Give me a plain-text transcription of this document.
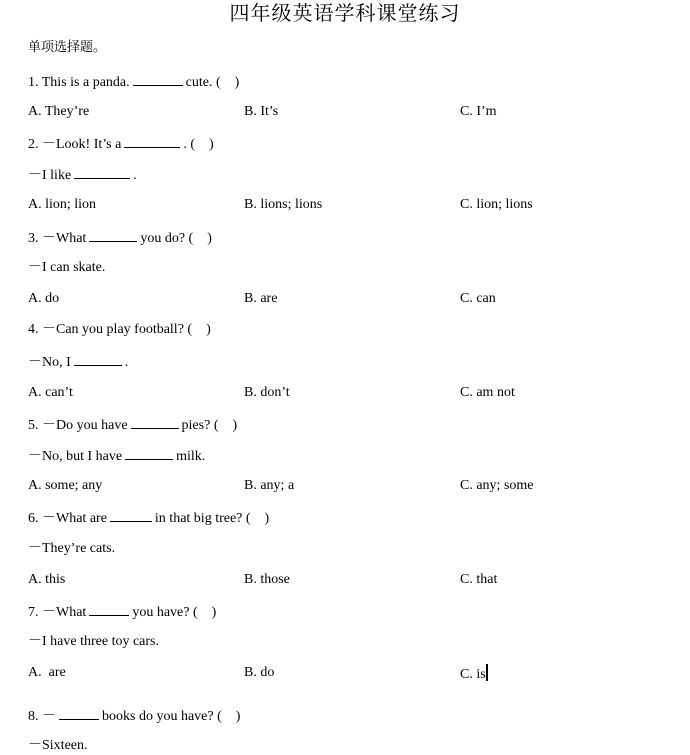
四年级英语学科课堂练习
单项选择题。
1. This is a panda.	cute. (    )
A. They’re	B. It’s	C. I’m
2. －Look! It’s a	. (    )
－I like	.
A. lion; lion	B. lions; lions	C. lion; lions
3. －What	you do? (    )
－I can skate.
A. do	B. are	C. can
4. －Can you play football? (    )
－No, I	.
A. can’t	B. don’t	C. am not
5. －Do you have	pies? (    )
－No, but I have	milk.
A. some; any	B. any; a	C. any; some
6. －What are	in that big tree? (    )
－They’re cats.
A. this	B. those	C. that
7. －What	you have? (    )
－I have three toy cars.
A.  are	B. do	C. is
8. －	books do you have? (    )
－Sixteen.
